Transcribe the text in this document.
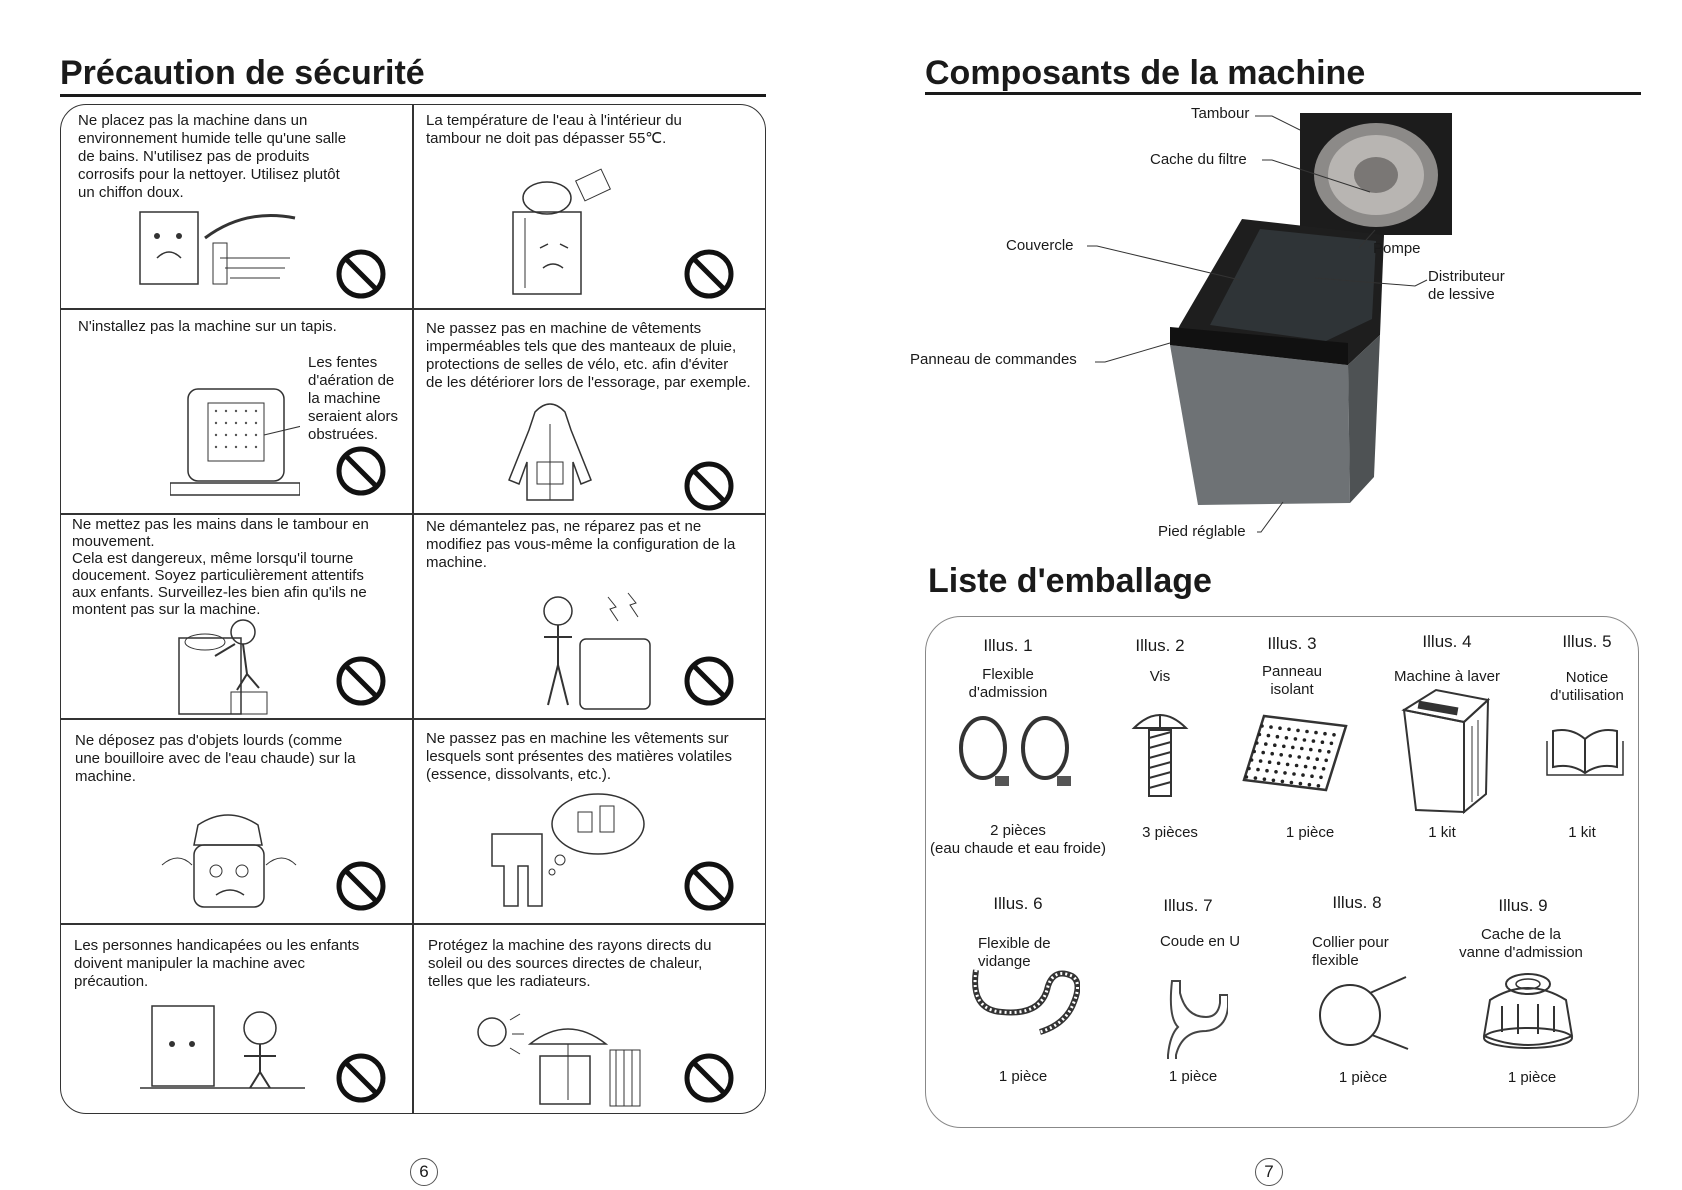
Précaution de sécurité
Ne placez pas la machine dans un
environnement humide telle qu'une salle
de bains. N'utilisez pas de produits
corrosifs pour la nettoyer. Utilisez plutôt
un chiffon doux.
La température de l'eau à l'intérieur du
tambour ne doit pas dépasser 55℃.
N'installez pas la machine sur un tapis.	Ne passez pas en machine de vêtements
imperméables tels que des manteaux de pluie,
protections de selles de vélo, etc. afin d'éviter
de les détériorer lors de l'essorage, par exemple.
Ne mettez pas les mains dans le tambour en
mouvement.
Cela est dangereux, même lorsqu'il tourne
doucement. Soyez particulièrement attentifs
aux enfants. Surveillez-les bien afin qu'ils ne
montent pas sur la machine.
Ne démantelez pas, ne réparez pas et ne
modifiez pas vous-même la configuration de la
machine.
Ne déposez pas d'objets lourds (comme
une bouilloire avec de l'eau chaude) sur la
machine.
Ne passez pas en machine les vêtements sur
lesquels sont présentes des matières volatiles
(essence, dissolvants, etc.).
Les personnes handicapées ou les enfants
doivent manipuler la machine avec
précaution.
Protégez la machine des rayons directs du
soleil ou des sources directes de chaleur,
telles que les radiateurs.
Les fentes
d'aération de
la machine
seraient alors
obstruées.
6
Composants de la machine
Tambour
Cache du filtre
Couvercle	Pompe
Distributeur
de lessive
Panneau de commandes
Pied réglable
Liste d'emballage
Illus. 1
Flexible
d'admission
2 pièces
(eau chaude et eau froide)
Illus. 2
Vis
3 pièces
Illus. 3
Panneau
isolant
1 pièce
Illus. 4
Machine à laver
1 kit
Illus. 5
Notice
d'utilisation
1 kit
Illus. 6
Flexible de
vidange
1 pièce
Illus. 7
Coude en U
1 pièce
Illus. 8
Collier pour
flexible
1 pièce
Illus. 9
Cache de la
vanne d'admission
1 pièce
7
